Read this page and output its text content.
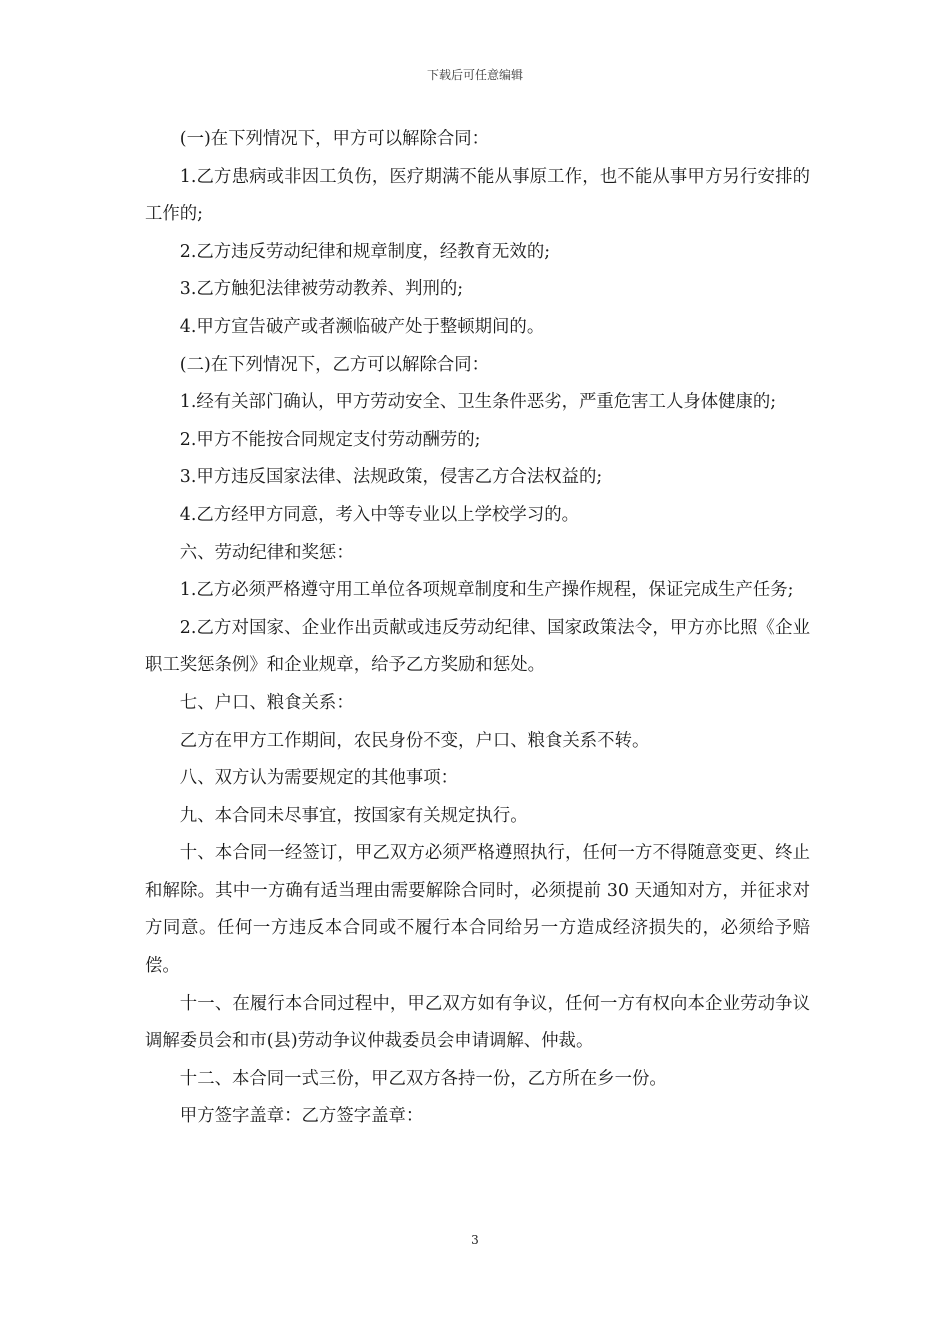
下载后可任意编辑

(一)在下列情况下，甲方可以解除合同：

1.乙方患病或非因工负伤，医疗期满不能从事原工作，也不能从事甲方另行安排的工作的;

2.乙方违反劳动纪律和规章制度，经教育无效的;

3.乙方触犯法律被劳动教养、判刑的;

4.甲方宣告破产或者濒临破产处于整顿期间的。

(二)在下列情况下，乙方可以解除合同：

1.经有关部门确认，甲方劳动安全、卫生条件恶劣，严重危害工人身体健康的;

2.甲方不能按合同规定支付劳动酬劳的;

3.甲方违反国家法律、法规政策，侵害乙方合法权益的;

4.乙方经甲方同意，考入中等专业以上学校学习的。

六、劳动纪律和奖惩：

1.乙方必须严格遵守用工单位各项规章制度和生产操作规程，保证完成生产任务;

2.乙方对国家、企业作出贡献或违反劳动纪律、国家政策法令，甲方亦比照《企业职工奖惩条例》和企业规章，给予乙方奖励和惩处。

七、户口、粮食关系：

乙方在甲方工作期间，农民身份不变，户口、粮食关系不转。

八、双方认为需要规定的其他事项：

九、本合同未尽事宜，按国家有关规定执行。

十、本合同一经签订，甲乙双方必须严格遵照执行，任何一方不得随意变更、终止和解除。其中一方确有适当理由需要解除合同时，必须提前 30 天通知对方，并征求对方同意。任何一方违反本合同或不履行本合同给另一方造成经济损失的，必须给予赔偿。

十一、在履行本合同过程中，甲乙双方如有争议，任何一方有权向本企业劳动争议调解委员会和市(县)劳动争议仲裁委员会申请调解、仲裁。

十二、本合同一式三份，甲乙双方各持一份，乙方所在乡一份。

甲方签字盖章：乙方签字盖章：

3
